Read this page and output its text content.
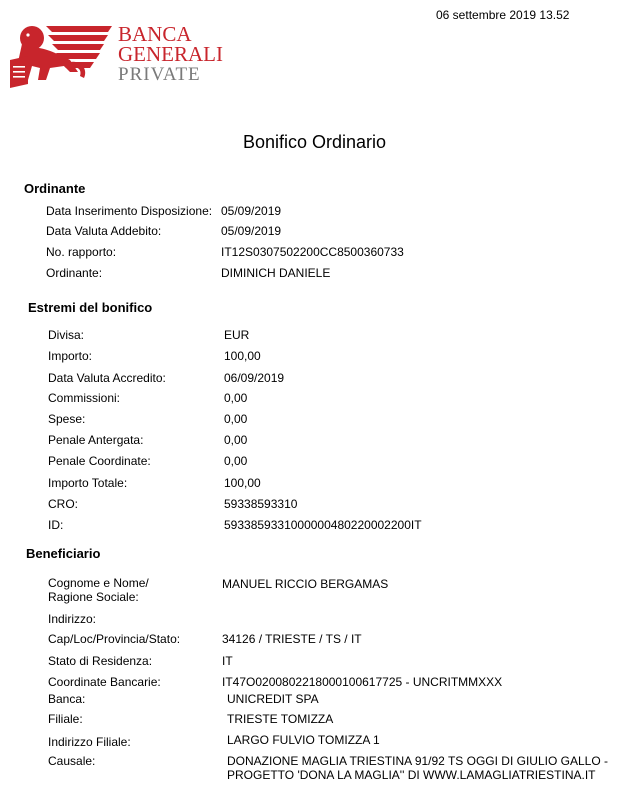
06 settembre 2019 13.52
BANCA
GENERALI
PRIVATE
Bonifico Ordinario
Ordinante
Data Inserimento Disposizione: 05/09/2019
Data Valuta Addebito:	05/09/2019
No. rapporto:	IT12S0307502200CC8500360733
Ordinante:	DIMINICH DANIELE
Estremi del bonifico
Divisa:	EUR
Importo:	100,00
Data Valuta Accredito:	06/09/2019
Commissioni:	0,00
Spese:	0,00
Penale Antergata:	0,00
Penale Coordinate:	0,00
Importo Totale:	100,00
CRO:	59338593310
ID:	5933859331000000480220002200IT
Beneficiario
Cognome e Nome/
Ragione Sociale:
MANUEL RICCIO BERGAMAS
Indirizzo:
Cap/Loc/Provincia/Stato:	34126 / TRIESTE / TS / IT
Stato di Residenza:	IT
Coordinate Bancarie:	IT47O0200802218000100617725 - UNCRITMMXXX
Banca:	UNICREDIT SPA
Filiale:	TRIESTE TOMIZZA
Indirizzo Filiale:	LARGO FULVIO TOMIZZA 1
Causale:	DONAZIONE MAGLIA TRIESTINA 91/92 TS OGGI DI GIULIO GALLO -
PROGETTO 'DONA LA MAGLIA'' DI WWW.LAMAGLIATRIESTINA.IT
